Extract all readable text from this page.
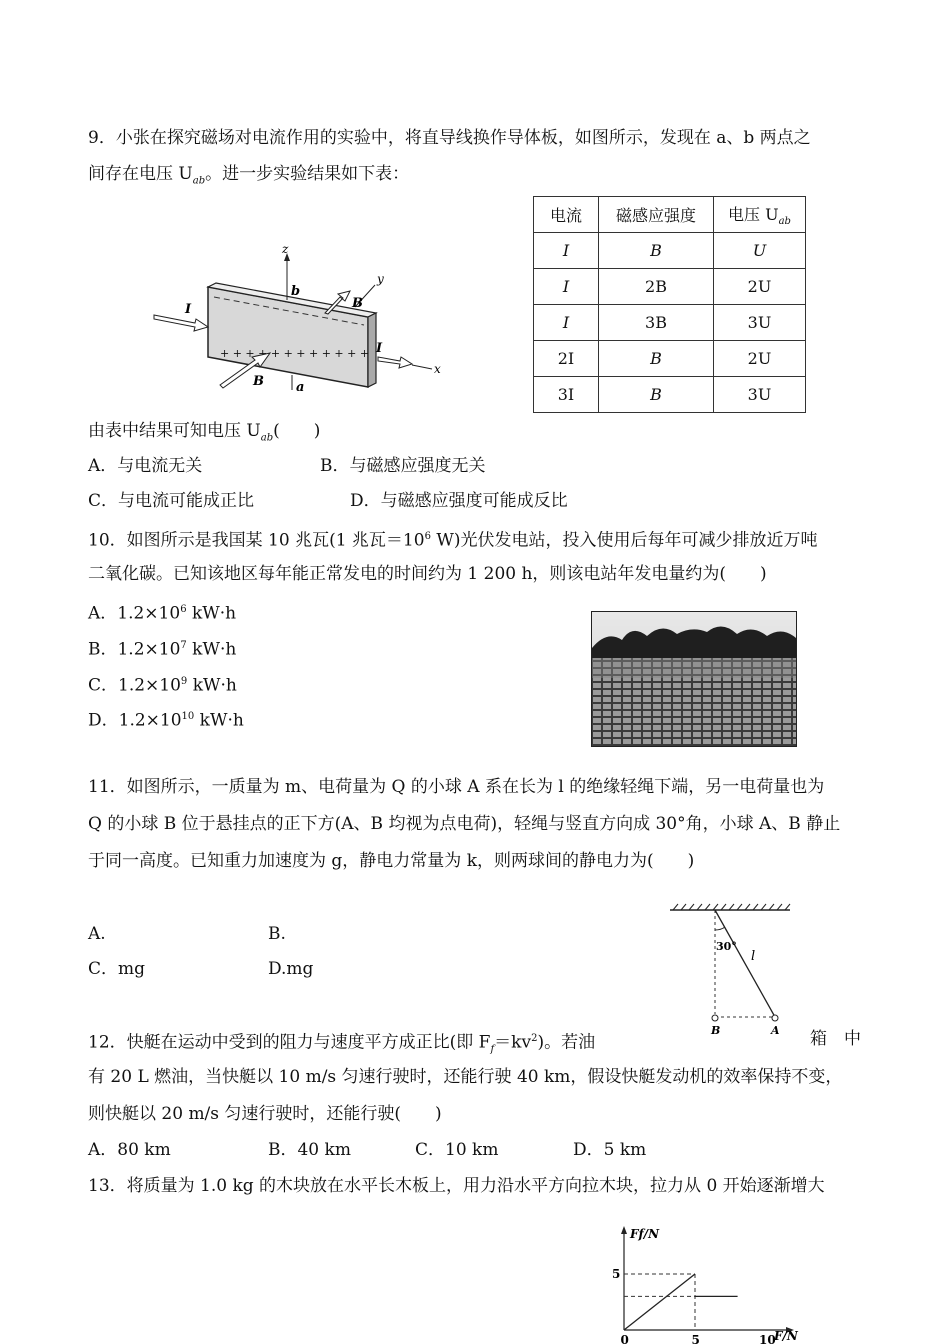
9．小张在探究磁场对电流作用的实验中，将直导线换作导体板，如图所示，发现在 a、b 两点之
间存在电压 $U_{ab}$。进一步实验结果如下表：
+ + + + + + + + + + + +
z
b
y
B
I
I
x
B a
电流	磁感应强度	电压 $U_{ab}$
I	B	U
I	2B	2U
I	3B	3U
2I	B	2U
3I	B	3U
由表中结果可知电压 $U_{ab}$(　　)
A．与电流无关	B．与磁感应强度无关
C．与电流可能成正比	D．与磁感应强度可能成反比
10．如图所示是我国某 10 兆瓦(1 兆瓦$=10^6$ W)光伏发电站，投入使用后每年可减少排放近万吨
二氧化碳。已知该地区每年能正常发电的时间约为 1 200 h，则该电站年发电量约为(　　)
A．$1.2\times 10^6$ kW·h
B．$1.2\times 10^7$ kW·h
C．$1.2\times 10^9$ kW·h
D．$1.2\times 10^{10}$ kW·h
11．如图所示，一质量为 m、电荷量为 Q 的小球 A 系在长为 l 的绝缘轻绳下端，另一电荷量也为
Q 的小球 B 位于悬挂点的正下方(A、B 均视为点电荷)，轻绳与竖直方向成 30°角，小球 A、B 静止
于同一高度。已知重力加速度为 g，静电力常量为 k，则两球间的静电力为(　　)
A.	B.
C．mg	D.mg
30°
l
B	A
12．快艇在运动中受到的阻力与速度平方成正比(即 $F_f=kv^2$)。若油	箱　中
有 20 L 燃油，当快艇以 10 m/s 匀速行驶时，还能行驶 40 km，假设快艇发动机的效率保持不变，
则快艇以 20 m/s 匀速行驶时，还能行驶(　　)
A．80 km	B．40 km	C．10 km	D．5 km
13．将质量为 1.0 kg 的木块放在水平长木板上，用力沿水平方向拉木块，拉力从 0 开始逐渐增大
Ff/N
F/N
0	5	10
5
